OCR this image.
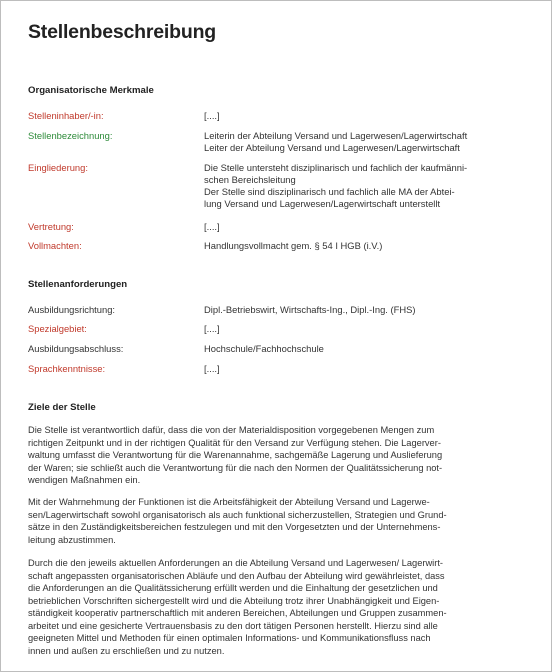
Stellenbeschreibung
Organisatorische Merkmale
Stelleninhaber/-in:	[....]
Stellenbezeichnung:	Leiterin der Abteilung Versand und Lagerwesen/Lagerwirtschaft
Leiter der Abteilung Versand und Lagerwesen/Lagerwirtschaft
Eingliederung:	Die Stelle untersteht disziplinarisch und fachlich der kaufmänni-
schen Bereichsleitung
Der Stelle sind disziplinarisch und fachlich alle MA der Abtei-
lung Versand und Lagerwesen/Lagerwirtschaft unterstellt
Vertretung:	[....]
Vollmachten:	Handlungsvollmacht gem. § 54 I HGB (i.V.)
Stellenanforderungen
Ausbildungsrichtung:	Dipl.-Betriebswirt, Wirtschafts-Ing., Dipl.-Ing. (FHS)
Spezialgebiet:	[....]
Ausbildungsabschluss:	Hochschule/Fachhochschule
Sprachkenntnisse:	[....]
Ziele der Stelle
Die Stelle ist verantwortlich dafür, dass die von der Materialdisposition vorgegebenen Mengen zum
richtigen Zeitpunkt und in der richtigen Qualität für den Versand zur Verfügung stehen. Die Lagerver-
waltung umfasst die Verantwortung für die Warenannahme, sachgemäße Lagerung und Auslieferung
der Waren; sie schließt auch die Verantwortung für die nach den Normen der Qualitätssicherung not-
wendigen Maßnahmen ein.
Mit der Wahrnehmung der Funktionen ist die Arbeitsfähigkeit der Abteilung Versand und Lagerwe-
sen/Lagerwirtschaft sowohl organisatorisch als auch funktional sicherzustellen, Strategien und Grund-
sätze in den Zuständigkeitsbereichen festzulegen und mit den Vorgesetzten und der Unternehmens-
leitung abzustimmen.
Durch die den jeweils aktuellen Anforderungen an die Abteilung Versand und Lagerwesen/ Lagerwirt-
schaft angepassten organisatorischen Abläufe und den Aufbau der Abteilung wird gewährleistet, dass
die Anforderungen an die Qualitätssicherung erfüllt werden und die Einhaltung der gesetzlichen und
betrieblichen Vorschriften sichergestellt wird und die Abteilung trotz ihrer Unabhängigkeit und Eigen-
ständigkeit kooperativ partnerschaftlich mit anderen Bereichen, Abteilungen und Gruppen zusammen-
arbeitet und eine gesicherte Vertrauensbasis zu den dort tätigen Personen herstellt. Hierzu sind alle
geeigneten Mittel und Methoden für einen optimalen Informations- und Kommunikationsfluss nach
innen und außen zu erschließen und zu nutzen.
